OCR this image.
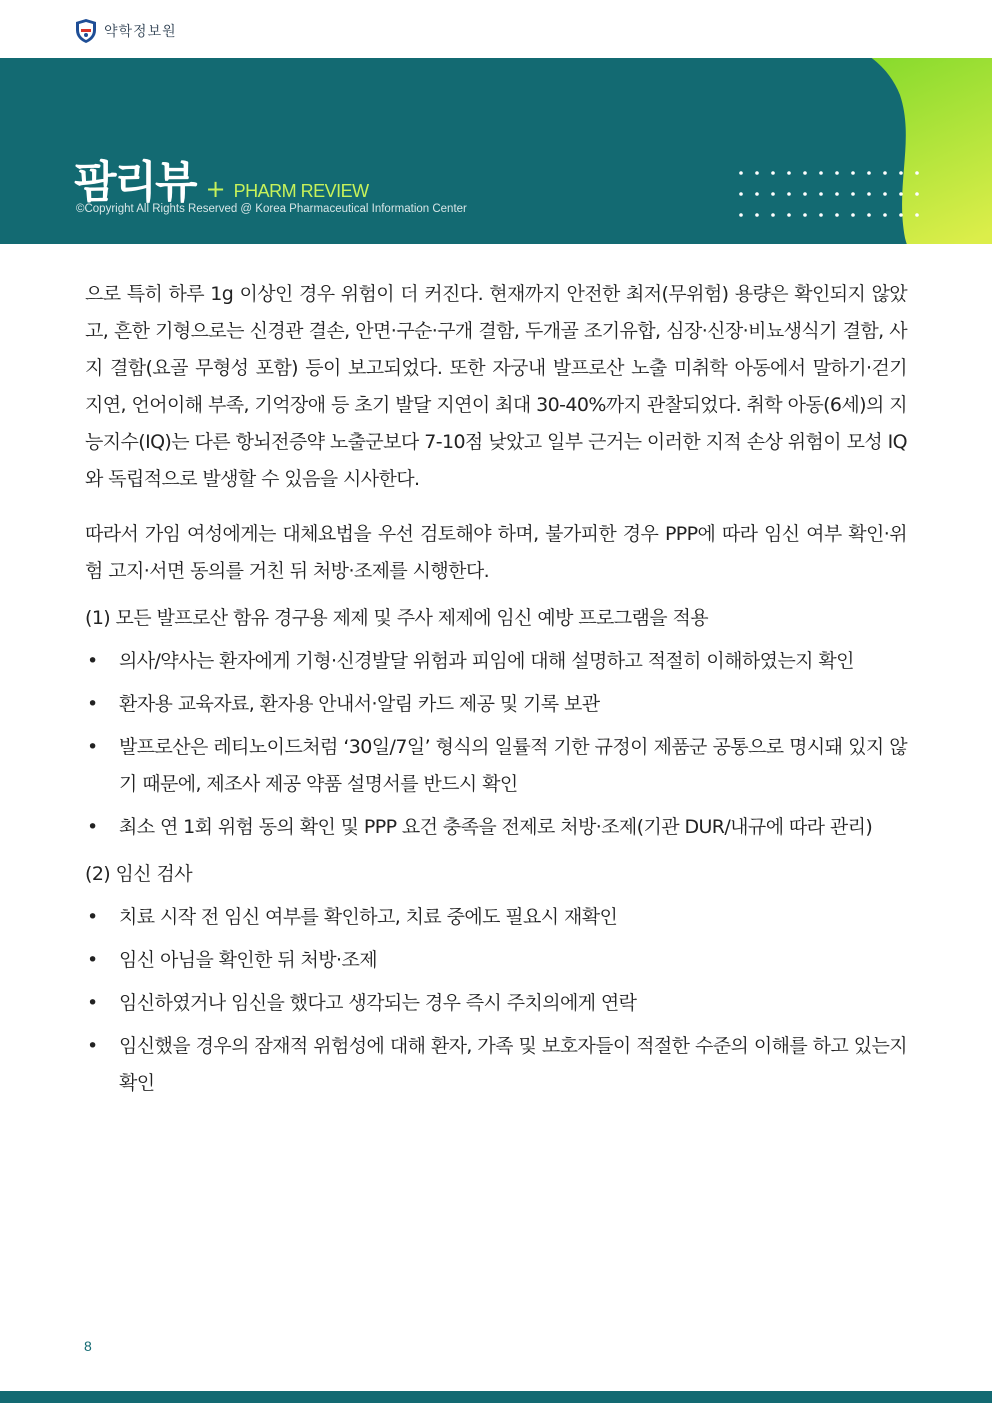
약학정보원
팜리뷰 + PHARM REVIEW
©Copyright All Rights Reserved @ Korea Pharmaceutical Information Center

으로 특히 하루 1g 이상인 경우 위험이 더 커진다. 현재까지 안전한 최저(무위험) 용량은 확인되지 않았고, 흔한 기형으로는 신경관 결손, 안면·구순·구개 결함, 두개골 조기유합, 심장·신장·비뇨생식기 결함, 사지 결함(요골 무형성 포함) 등이 보고되었다. 또한 자궁내 발프로산 노출 미취학 아동에서 말하기·걷기 지연, 언어이해 부족, 기억장애 등 초기 발달 지연이 최대 30-40%까지 관찰되었다. 취학 아동(6세)의 지능지수(IQ)는 다른 항뇌전증약 노출군보다 7-10점 낮았고 일부 근거는 이러한 지적 손상 위험이 모성 IQ와 독립적으로 발생할 수 있음을 시사한다.

따라서 가임 여성에게는 대체요법을 우선 검토해야 하며, 불가피한 경우 PPP에 따라 임신 여부 확인·위험 고지·서면 동의를 거친 뒤 처방·조제를 시행한다.

(1) 모든 발프로산 함유 경구용 제제 및 주사 제제에 임신 예방 프로그램을 적용
• 의사/약사는 환자에게 기형·신경발달 위험과 피임에 대해 설명하고 적절히 이해하였는지 확인
• 환자용 교육자료, 환자용 안내서·알림 카드 제공 및 기록 보관
• 발프로산은 레티노이드처럼 ‘30일/7일’ 형식의 일률적 기한 규정이 제품군 공통으로 명시돼 있지 않기 때문에, 제조사 제공 약품 설명서를 반드시 확인
• 최소 연 1회 위험 동의 확인 및 PPP 요건 충족을 전제로 처방·조제(기관 DUR/내규에 따라 관리)
(2) 임신 검사
• 치료 시작 전 임신 여부를 확인하고, 치료 중에도 필요시 재확인
• 임신 아님을 확인한 뒤 처방·조제
• 임신하였거나 임신을 했다고 생각되는 경우 즉시 주치의에게 연락
• 임신했을 경우의 잠재적 위험성에 대해 환자, 가족 및 보호자들이 적절한 수준의 이해를 하고 있는지 확인
8
